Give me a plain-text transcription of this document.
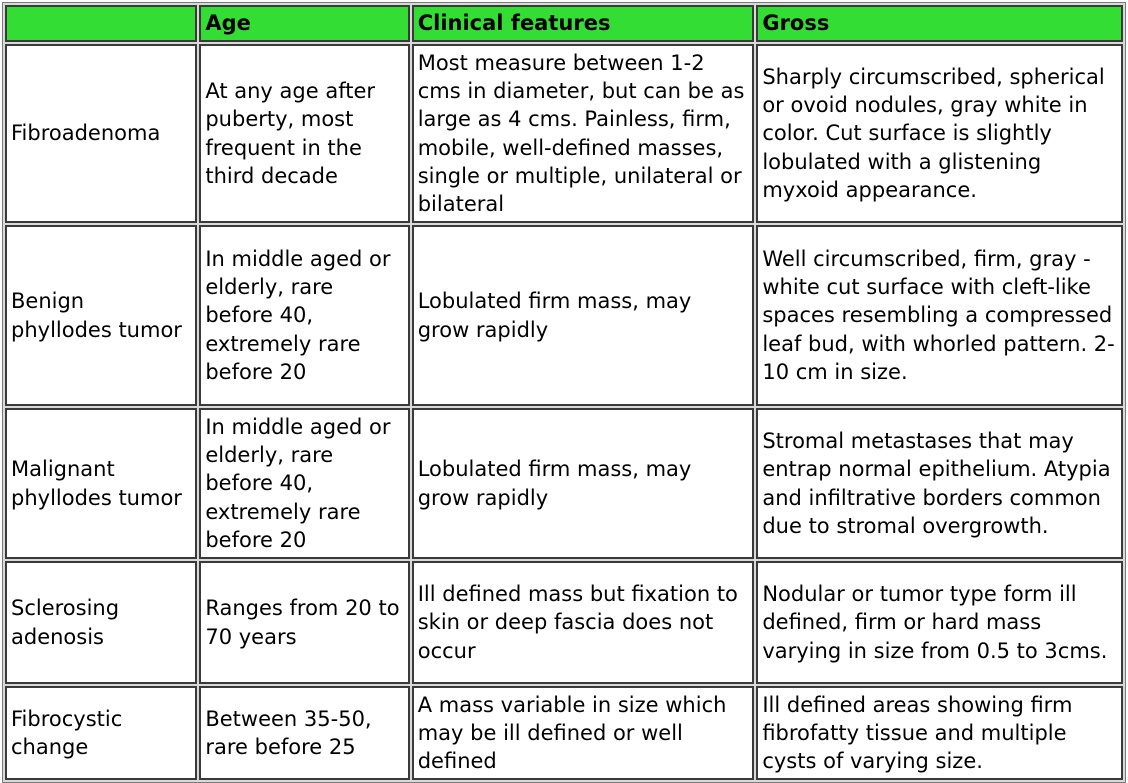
	Age	Clinical features	Gross
Fibroadenoma	At any age after puberty, most frequent in the third decade	Most measure between 1-2 cms in diameter, but can be as large as 4 cms. Painless, firm, mobile, well-defined masses, single or multiple, unilateral or bilateral	Sharply circumscribed, spherical or ovoid nodules, gray white in color. Cut surface is slightly lobulated with a glistening myxoid appearance.
Benign phyllodes tumor	In middle aged or elderly, rare before 40, extremely rare before 20	Lobulated firm mass, may grow rapidly	Well circumscribed, firm, gray -white cut surface with cleft-like spaces resembling a compressed leaf bud, with whorled pattern. 2-10 cm in size.
Malignant phyllodes tumor	In middle aged or elderly, rare before 40, extremely rare before 20	Lobulated firm mass, may grow rapidly	Stromal metastases that may entrap normal epithelium. Atypia and infiltrative borders common due to stromal overgrowth.
Sclerosing adenosis	Ranges from 20 to 70 years	Ill defined mass but fixation to skin or deep fascia does not occur	Nodular or tumor type form ill defined, firm or hard mass varying in size from 0.5 to 3cms.
Fibrocystic change	Between 35-50, rare before 25	A mass variable in size which may be ill defined or well defined	Ill defined areas showing firm fibrofatty tissue and multiple cysts of varying size.
